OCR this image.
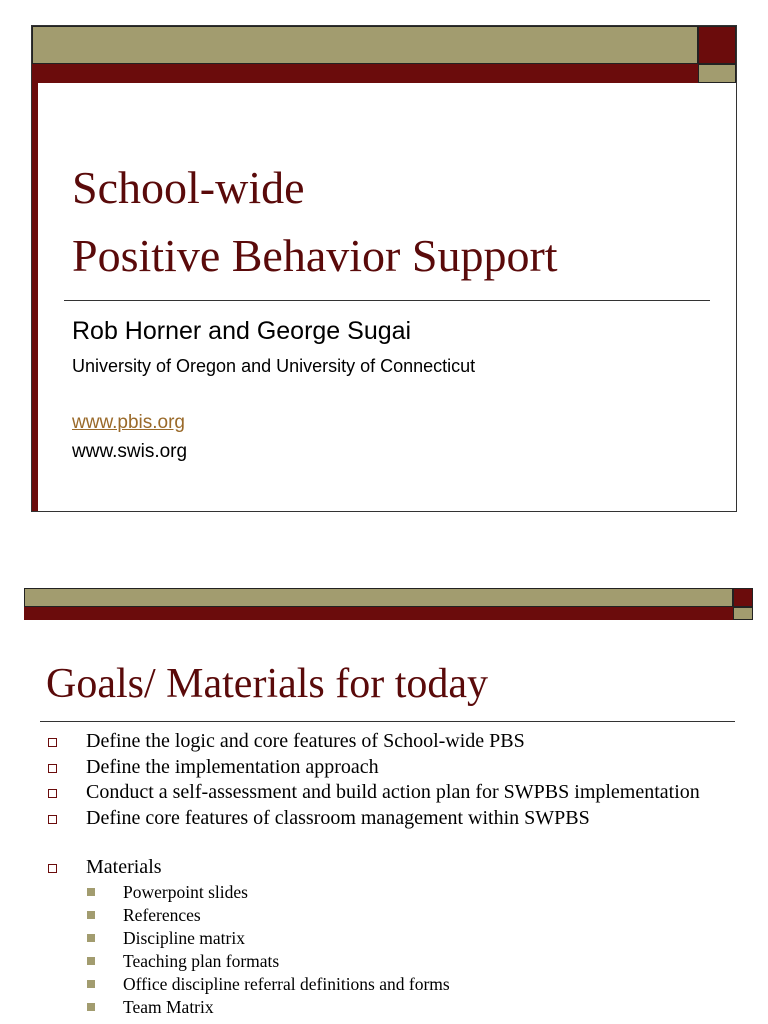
School-wide
Positive Behavior Support
Rob Horner and George Sugai
University of Oregon and University of Connecticut
www.pbis.org
www.swis.org
Goals/ Materials for today
Define the logic and core features of School-wide PBS
Define the implementation approach
Conduct a self-assessment and build action plan for SWPBS implementation
Define core features of classroom management within SWPBS
Materials
Powerpoint slides
References
Discipline matrix
Teaching plan formats
Office discipline referral definitions and forms
Team Matrix
